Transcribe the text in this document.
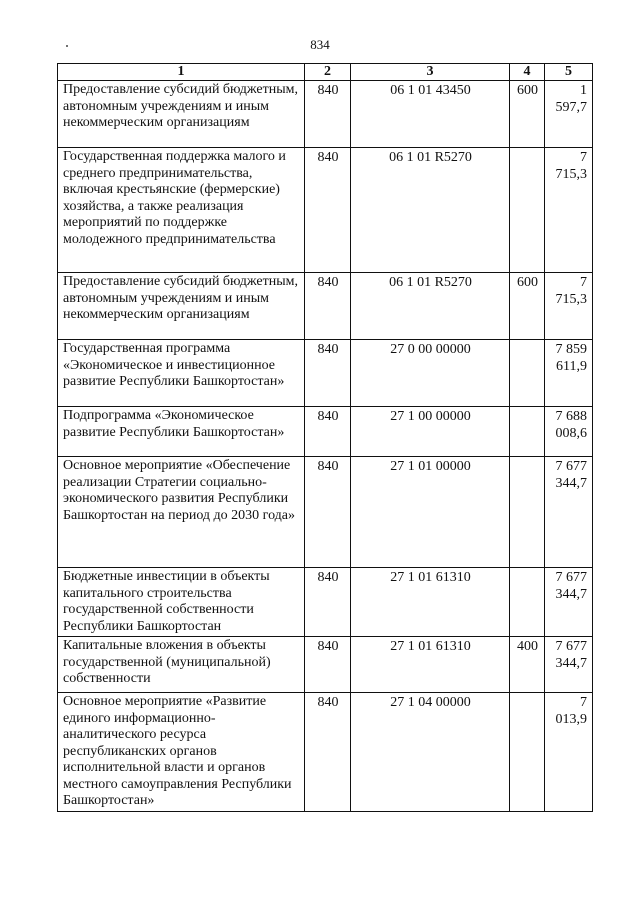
834
1	2	3	4	5
Предоставление субсидий бюджетным, автономным учреждениям и иным некоммерческим организациям	840	06 1 01 43450	600	1 597,7
Государственная поддержка малого и среднего предпринимательства, включая крестьянские (фермерские) хозяйства, а также реализация мероприятий по поддержке молодежного предпринимательства	840	06 1 01 R5270		7 715,3
Предоставление субсидий бюджетным, автономным учреждениям и иным некоммерческим организациям	840	06 1 01 R5270	600	7 715,3
Государственная программа «Экономическое и инвестиционное развитие Республики Башкортостан»	840	27 0 00 00000		7 859 611,9
Подпрограмма «Экономическое развитие Республики Башкортостан»	840	27 1 00 00000		7 688 008,6
Основное мероприятие «Обеспечение реализации Стратегии социально-экономического развития Республики Башкортостан на период до 2030 года»	840	27 1 01 00000		7 677 344,7
Бюджетные инвестиции в объекты капитального строительства государственной собственности Республики Башкортостан	840	27 1 01 61310		7 677 344,7
Капитальные вложения в объекты государственной (муниципальной) собственности	840	27 1 01 61310	400	7 677 344,7
Основное мероприятие «Развитие единого информационно-аналитического ресурса республиканских органов исполнительной власти и органов местного самоуправления Республики Башкортостан»	840	27 1 04 00000		7 013,9
